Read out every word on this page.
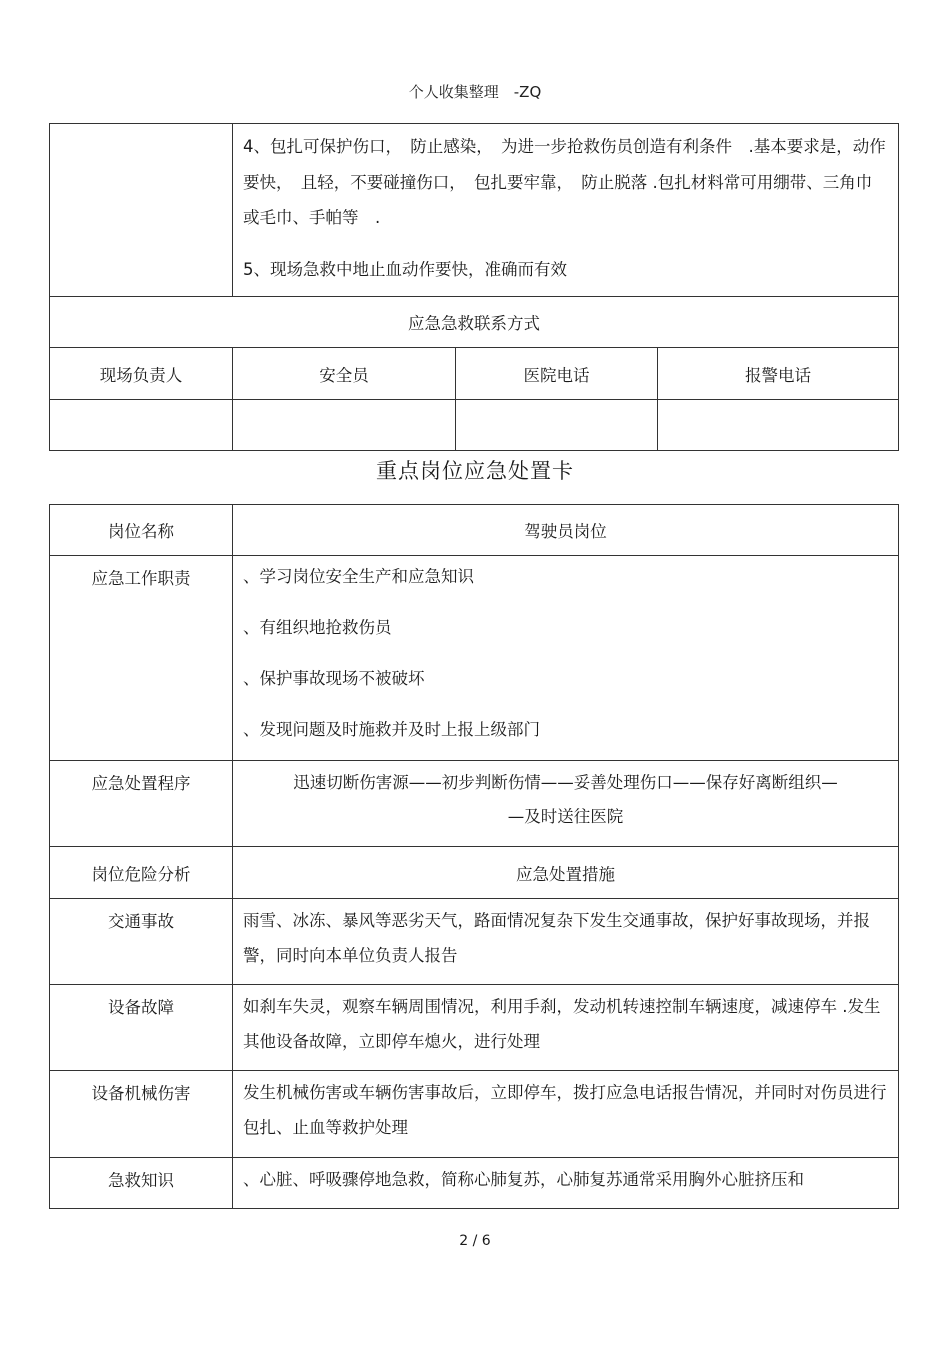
个人收集整理　-ZQ

	4、包扎可保护伤口，　防止感染，　为进一步抢救伤员创造有利条件　.基本要求是，动作要快，　且轻，不要碰撞伤口，　包扎要牢靠，　防止脱落 .包扎材料常可用绷带、三角巾或毛巾、手帕等　.
5、现场急救中地止血动作要快，准确而有效		

应急急救联系方式			
现场负责人	安全员	医院电话	报警电话

重点岗位应急处置卡
岗位名称	驾驶员岗位
应急工作职责	、学习岗位安全生产和应急知识
、有组织地抢救伤员
、保护事故现场不被破坏
、发现问题及时施救并及时上报上级部门

应急处置程序	迅速切断伤害源——初步判断伤情——妥善处理伤口——保存好离断组织—
—及时送往医院

岗位危险分析	应急处置措施
交通事故	雨雪、冰冻、暴风等恶劣天气，路面情况复杂下发生交通事故，保护好事故现场，并报警，同时向本单位负责人报告
设备故障	如刹车失灵，观察车辆周围情况，利用手刹，发动机转速控制车辆速度，减速停车 .发生其他设备故障，立即停车熄火，进行处理
设备机械伤害	发生机械伤害或车辆伤害事故后，立即停车，拨打应急电话报告情况，并同时对伤员进行包扎、止血等救护处理
急救知识	、心脏、呼吸骤停地急救，简称心肺复苏，心肺复苏通常采用胸外心脏挤压和
2 / 6
